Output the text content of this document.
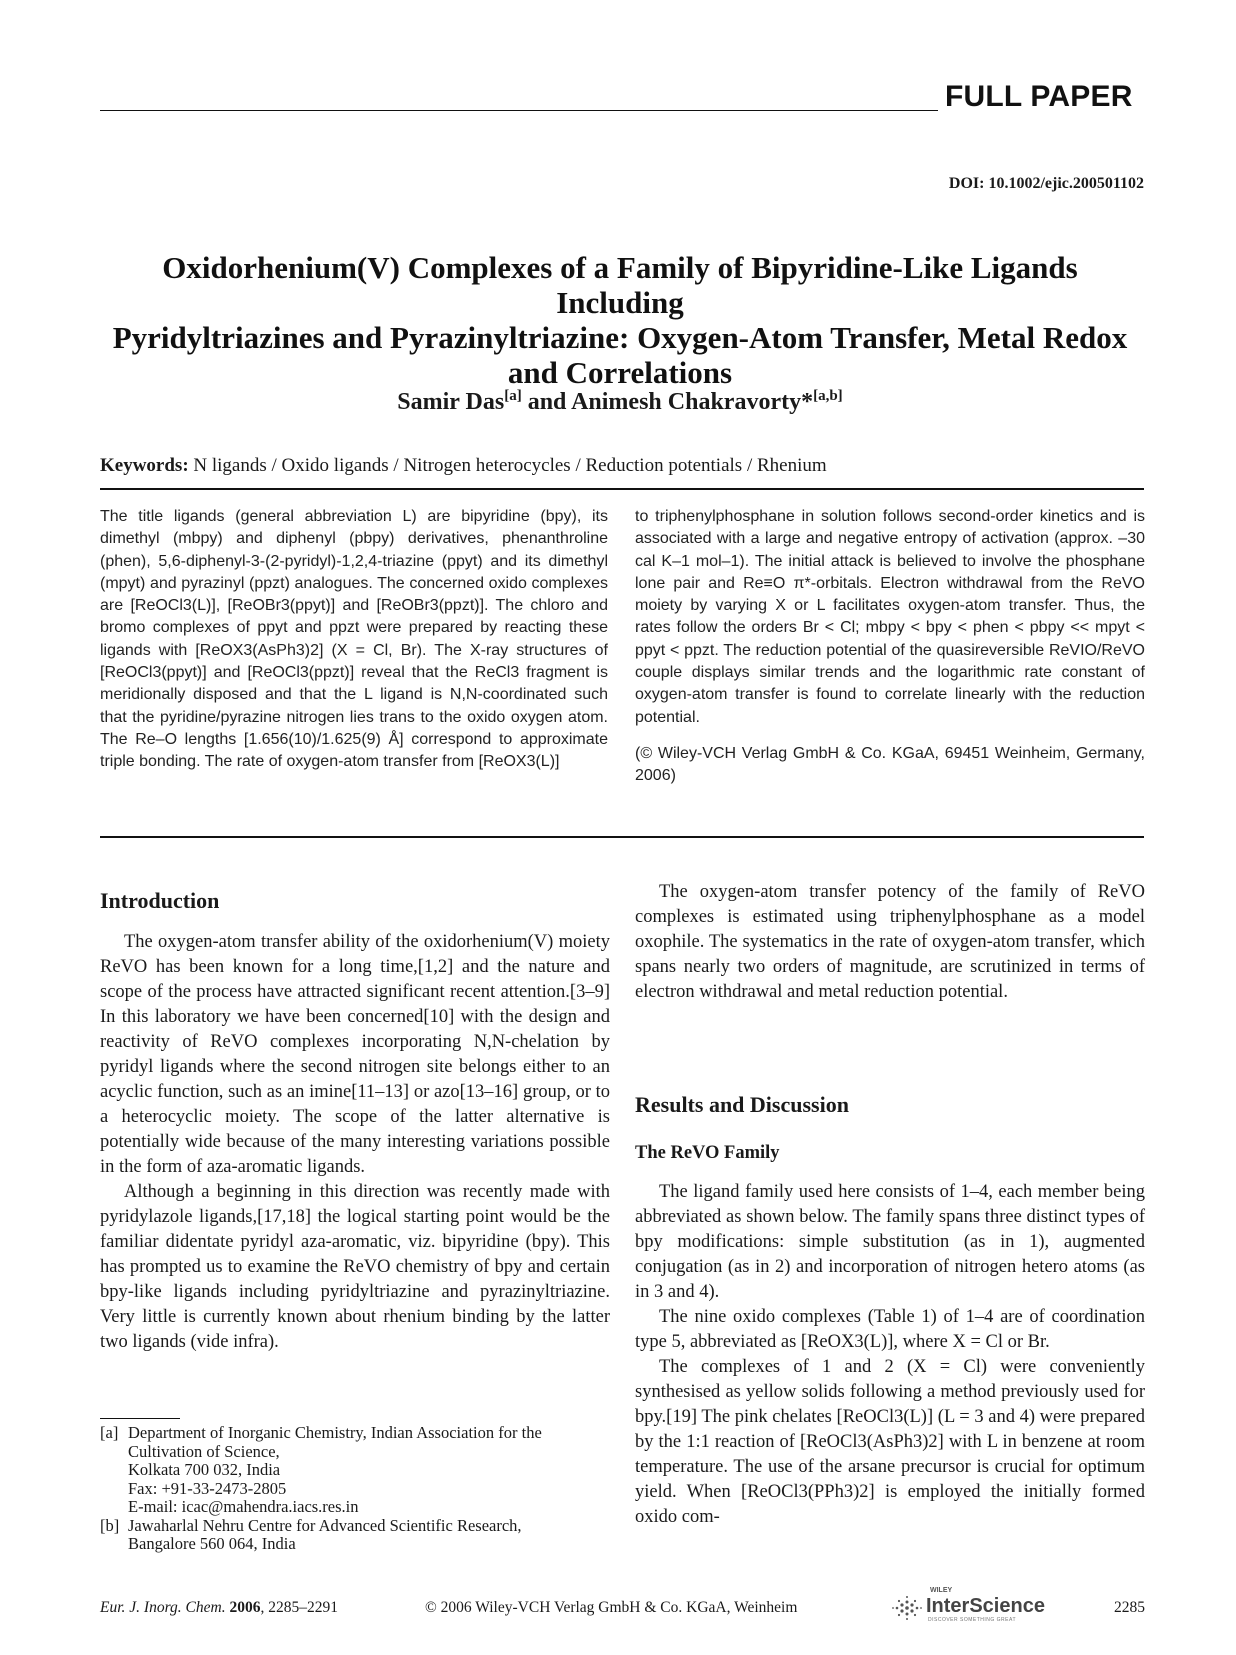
FULL PAPER
DOI: 10.1002/ejic.200501102
Oxidorhenium(V) Complexes of a Family of Bipyridine-Like Ligands Including
Pyridyltriazines and Pyrazinyltriazine: Oxygen-Atom Transfer, Metal Redox
and Correlations
Samir Das[a] and Animesh Chakravorty*[a,b]
Keywords: N ligands / Oxido ligands / Nitrogen heterocycles / Reduction potentials / Rhenium
The title ligands (general abbreviation L) are bipyridine (bpy), its dimethyl (mbpy) and diphenyl (pbpy) derivatives, phenanthroline (phen), 5,6-diphenyl-3-(2-pyridyl)-1,2,4-triazine (ppyt) and its dimethyl (mpyt) and pyrazinyl (ppzt) analogues. The concerned oxido complexes are [ReOCl3(L)], [ReOBr3(ppyt)] and [ReOBr3(ppzt)]. The chloro and bromo complexes of ppyt and ppzt were prepared by reacting these ligands with [ReOX3(AsPh3)2] (X = Cl, Br). The X-ray structures of [ReOCl3(ppyt)] and [ReOCl3(ppzt)] reveal that the ReCl3 fragment is meridionally disposed and that the L ligand is N,N-coordinated such that the pyridine/pyrazine nitrogen lies trans to the oxido oxygen atom. The Re–O lengths [1.656(10)/1.625(9) Å] correspond to approximate triple bonding. The rate of oxygen-atom transfer from [ReOX3(L)]
to triphenylphosphane in solution follows second-order kinetics and is associated with a large and negative entropy of activation (approx. –30 cal K–1 mol–1). The initial attack is believed to involve the phosphane lone pair and Re≡O π*-orbitals. Electron withdrawal from the ReVO moiety by varying X or L facilitates oxygen-atom transfer. Thus, the rates follow the orders Br < Cl; mbpy < bpy < phen < pbpy << mpyt < ppyt < ppzt. The reduction potential of the quasireversible ReVIO/ReVO couple displays similar trends and the logarithmic rate constant of oxygen-atom transfer is found to correlate linearly with the reduction potential.
(© Wiley-VCH Verlag GmbH & Co. KGaA, 69451 Weinheim, Germany, 2006)
Introduction

The oxygen-atom transfer ability of the oxidorhenium(V) moiety ReVO has been known for a long time,[1,2] and the nature and scope of the process have attracted significant recent attention.[3–9] In this laboratory we have been concerned[10] with the design and reactivity of ReVO complexes incorporating N,N-chelation by pyridyl ligands where the second nitrogen site belongs either to an acyclic function, such as an imine[11–13] or azo[13–16] group, or to a heterocyclic moiety. The scope of the latter alternative is potentially wide because of the many interesting variations possible in the form of aza-aromatic ligands.

Although a beginning in this direction was recently made with pyridylazole ligands,[17,18] the logical starting point would be the familiar didentate pyridyl aza-aromatic, viz. bipyridine (bpy). This has prompted us to examine the ReVO chemistry of bpy and certain bpy-like ligands including pyridyltriazine and pyrazinyltriazine. Very little is currently known about rhenium binding by the latter two ligands (vide infra).

[a] Department of Inorganic Chemistry, Indian Association for the
Cultivation of Science,
Kolkata 700 032, India
Fax: +91-33-2473-2805
E-mail: icac@mahendra.iacs.res.in
[b] Jawaharlal Nehru Centre for Advanced Scientific Research,
Bangalore 560 064, India

The oxygen-atom transfer potency of the family of ReVO complexes is estimated using triphenylphosphane as a model oxophile. The systematics in the rate of oxygen-atom transfer, which spans nearly two orders of magnitude, are scrutinized in terms of electron withdrawal and metal reduction potential.

Results and Discussion
The ReVO Family

The ligand family used here consists of 1–4, each member being abbreviated as shown below. The family spans three distinct types of bpy modifications: simple substitution (as in 1), augmented conjugation (as in 2) and incorporation of nitrogen hetero atoms (as in 3 and 4).

The nine oxido complexes (Table 1) of 1–4 are of coordination type 5, abbreviated as [ReOX3(L)], where X = Cl or Br.

The complexes of 1 and 2 (X = Cl) were conveniently synthesised as yellow solids following a method previously used for bpy.[19] The pink chelates [ReOCl3(L)] (L = 3 and 4) were prepared by the 1:1 reaction of [ReOCl3(AsPh3)2] with L in benzene at room temperature. The use of the arsane precursor is crucial for optimum yield. When [ReOCl3(PPh3)2] is employed the initially formed oxido com-

Eur. J. Inorg. Chem. 2006, 2285–2291	© 2006 Wiley-VCH Verlag GmbH & Co. KGaA, Weinheim
WILEY
InterScience
DISCOVER SOMETHING GREAT
2285
